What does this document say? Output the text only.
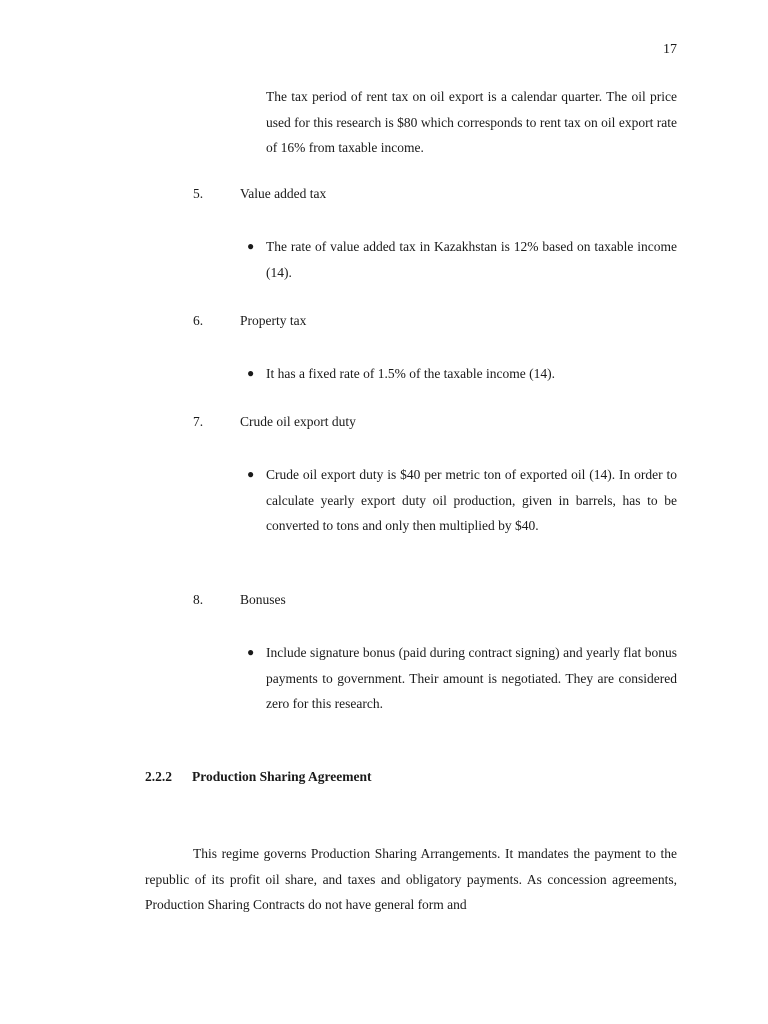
17
The tax period of rent tax on oil export is a calendar quarter. The oil price used for this research is $80 which corresponds to rent tax on oil export rate of 16% from taxable income.
5.	Value added tax
● The rate of value added tax in Kazakhstan is 12% based on taxable income (14).
6.	Property tax
● It has a fixed rate of 1.5% of the taxable income (14).
7.	Crude oil export duty
● Crude oil export duty is $40 per metric ton of exported oil (14). In order to calculate yearly export duty oil production, given in barrels, has to be converted to tons and only then multiplied by $40.
8.	Bonuses
● Include signature bonus (paid during contract signing) and yearly flat bonus payments to government. Their amount is negotiated. They are considered zero for this research.
2.2.2 Production Sharing Agreement
This regime governs Production Sharing Arrangements. It mandates the payment to the republic of its profit oil share, and taxes and obligatory payments. As concession agreements, Production Sharing Contracts do not have general form and
